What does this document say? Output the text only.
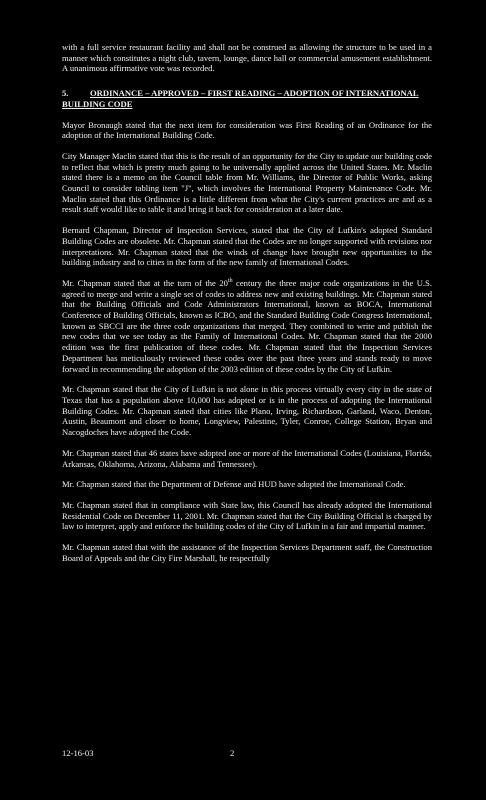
with a full service restaurant facility and shall not be construed as allowing the structure to be used in a manner which constitutes a night club, tavern, lounge, dance hall or commercial amusement establishment. A unanimous affirmative vote was recorded.

5.	ORDINANCE – APPROVED – FIRST READING – ADOPTION OF INTERNATIONAL BUILDING CODE

Mayor Bronaugh stated that the next item for consideration was First Reading of an Ordinance for the adoption of the International Building Code.

City Manager Maclin stated that this is the result of an opportunity for the City to update our building code to reflect that which is pretty much going to be universally applied across the United States. Mr. Maclin stated there is a memo on the Council table from Mr. Williams, the Director of Public Works, asking Council to consider tabling item "J", which involves the International Property Maintenance Code. Mr. Maclin stated that this Ordinance is a little different from what the City's current practices are and as a result staff would like to table it and bring it back for consideration at a later date.

Bernard Chapman, Director of Inspection Services, stated that the City of Lufkin's adopted Standard Building Codes are obsolete. Mr. Chapman stated that the Codes are no longer supported with revisions nor interpretations. Mr. Chapman stated that the winds of change have brought new opportunities to the building industry and to cities in the form of the new family of International Codes.

Mr. Chapman stated that at the turn of the 20th century the three major code organizations in the U.S. agreed to merge and write a single set of codes to address new and existing buildings. Mr. Chapman stated that the Building Officials and Code Administrators International, known as BOCA, International Conference of Building Officials, known as ICBO, and the Standard Building Code Congress International, known as SBCCI are the three code organizations that merged. They combined to write and publish the new codes that we see today as the Family of International Codes. Mr. Chapman stated that the 2000 edition was the first publication of these codes. Mr. Chapman stated that the Inspection Services Department has meticulously reviewed these codes over the past three years and stands ready to move forward in recommending the adoption of the 2003 edition of these codes by the City of Lufkin.

Mr. Chapman stated that the City of Lufkin is not alone in this process virtually every city in the state of Texas that has a population above 10,000 has adopted or is in the process of adopting the International Building Codes. Mr. Chapman stated that cities like Plano, Irving, Richardson, Garland, Waco, Denton, Austin, Beaumont and closer to home, Longview, Palestine, Tyler, Conroe, College Station, Bryan and Nacogdoches have adopted the Code.

Mr. Chapman stated that 46 states have adopted one or more of the International Codes (Louisiana, Florida, Arkansas, Oklahoma, Arizona, Alabama and Tennessee).

Mr. Chapman stated that the Department of Defense and HUD have adopted the International Code.

Mr. Chapman stated that in compliance with State law, this Council has already adopted the International Residential Code on December 11, 2001. Mr. Chapman stated that the City Building Official is charged by law to interpret, apply and enforce the building codes of the City of Lufkin in a fair and impartial manner.

Mr. Chapman stated that with the assistance of the Inspection Services Department staff, the Construction Board of Appeals and the City Fire Marshall, he respectfully

12-16-03	2
